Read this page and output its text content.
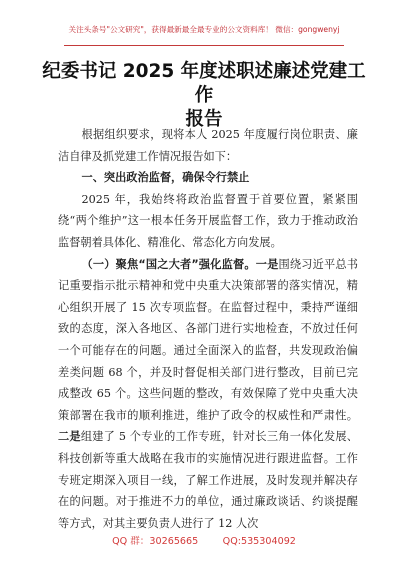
关注头条号"公文研究"，获得最新最全最专业的公文资料库！ 微信：gongwenyj
纪委书记 2025 年度述职述廉述党建工作
报告

根据组织要求，现将本人 2025 年度履行岗位职责、廉洁自律及抓党建工作情况报告如下：

一、突出政治监督，确保令行禁止

2025 年，我始终将政治监督置于首要位置，紧紧围绕“两个维护”这一根本任务开展监督工作，致力于推动政治监督朝着具体化、精准化、常态化方向发展。

（一）聚焦“国之大者”强化监督。一是围绕习近平总书记重要指示批示精神和党中央重大决策部署的落实情况，精心组织开展了 15 次专项监督。在监督过程中，秉持严谨细致的态度，深入各地区、各部门进行实地检查，不放过任何一个可能存在的问题。通过全面深入的监督，共发现政治偏差类问题 68 个，并及时督促相关部门进行整改，目前已完成整改 65 个。这些问题的整改，有效保障了党中央重大决策部署在我市的顺利推进，维护了政令的权威性和严肃性。二是组建了 5 个专业的工作专班，针对长三角一体化发展、科技创新等重大战略在我市的实施情况进行跟进监督。工作专班定期深入项目一线，了解工作进展，及时发现并解决存在的问题。对于推进不力的单位，通过廉政谈话、约谈提醒等方式，对其主要负责人进行了 12 人次

QQ 群：30265665	QQ:535304092
